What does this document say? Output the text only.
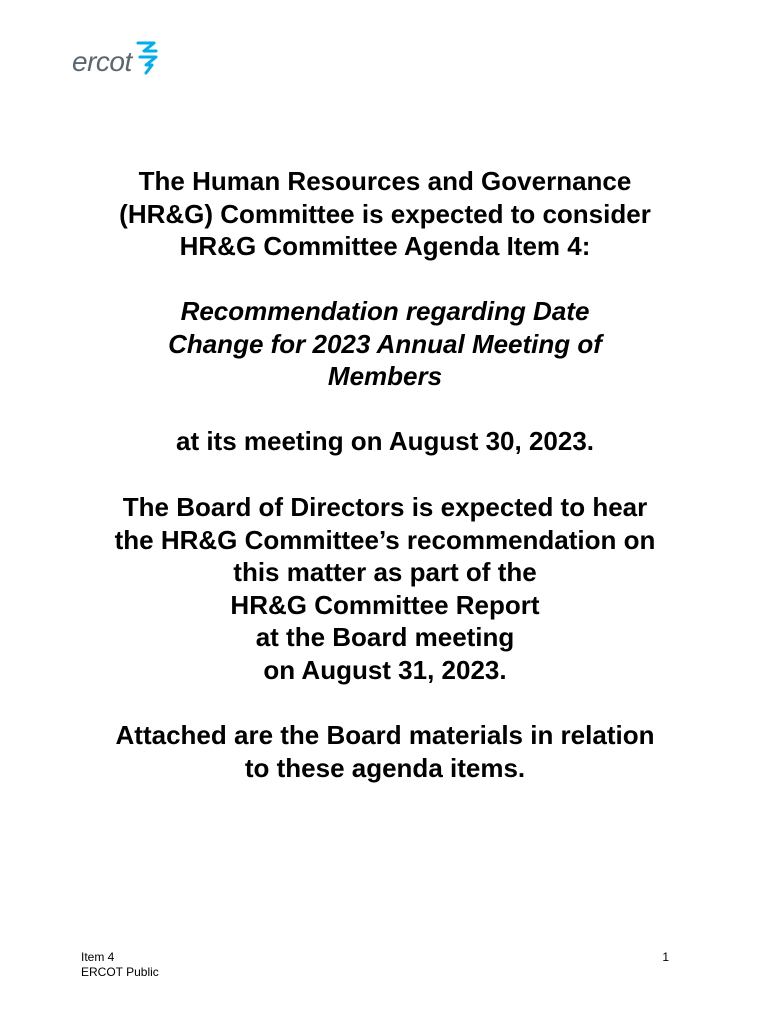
ercot
The Human Resources and Governance
(HR&G) Committee is expected to consider
HR&G Committee Agenda Item 4:
Recommendation regarding Date
Change for 2023 Annual Meeting of
Members
at its meeting on August 30, 2023.
The Board of Directors is expected to hear
the HR&G Committee’s recommendation on
this matter as part of the
HR&G Committee Report
at the Board meeting
on August 31, 2023.
Attached are the Board materials in relation
to these agenda items.
Item 4
ERCOT Public
1
